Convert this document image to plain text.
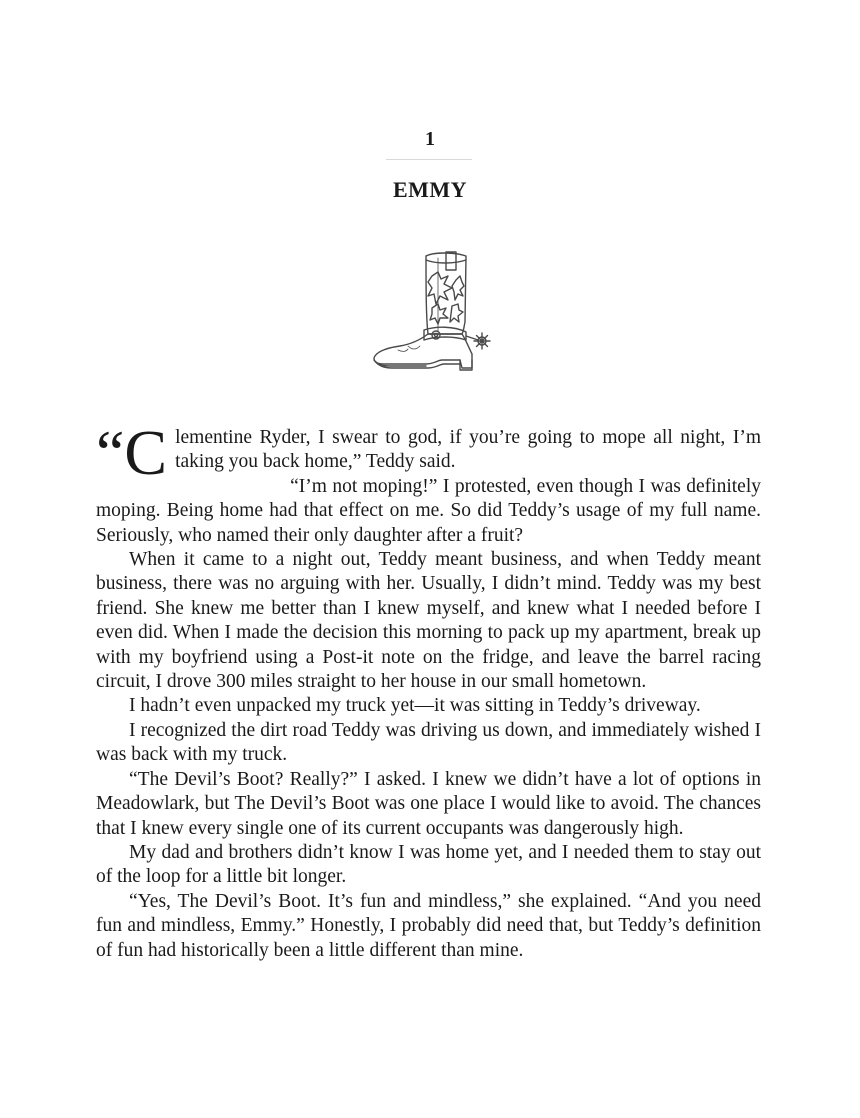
1
EMMY

“Clementine Ryder, I swear to god, if you’re going to mope all night, I’m taking you back home,” Teddy said.

“I’m not moping!” I protested, even though I was definitely moping. Being home had that effect on me. So did Teddy’s usage of my full name. Seriously, who named their only daughter after a fruit?

When it came to a night out, Teddy meant business, and when Teddy meant business, there was no arguing with her. Usually, I didn’t mind. Teddy was my best friend. She knew me better than I knew myself, and knew what I needed before I even did. When I made the decision this morning to pack up my apartment, break up with my boyfriend using a Post-it note on the fridge, and leave the barrel racing circuit, I drove 300 miles straight to her house in our small hometown.

I hadn’t even unpacked my truck yet—it was sitting in Teddy’s driveway.

I recognized the dirt road Teddy was driving us down, and immediately wished I was back with my truck.

“The Devil’s Boot? Really?” I asked. I knew we didn’t have a lot of options in Meadowlark, but The Devil’s Boot was one place I would like to avoid. The chances that I knew every single one of its current occupants was dangerously high.

My dad and brothers didn’t know I was home yet, and I needed them to stay out of the loop for a little bit longer.

“Yes, The Devil’s Boot. It’s fun and mindless,” she explained. “And you need fun and mindless, Emmy.” Honestly, I probably did need that, but Teddy’s definition of fun had historically been a little different than mine.
